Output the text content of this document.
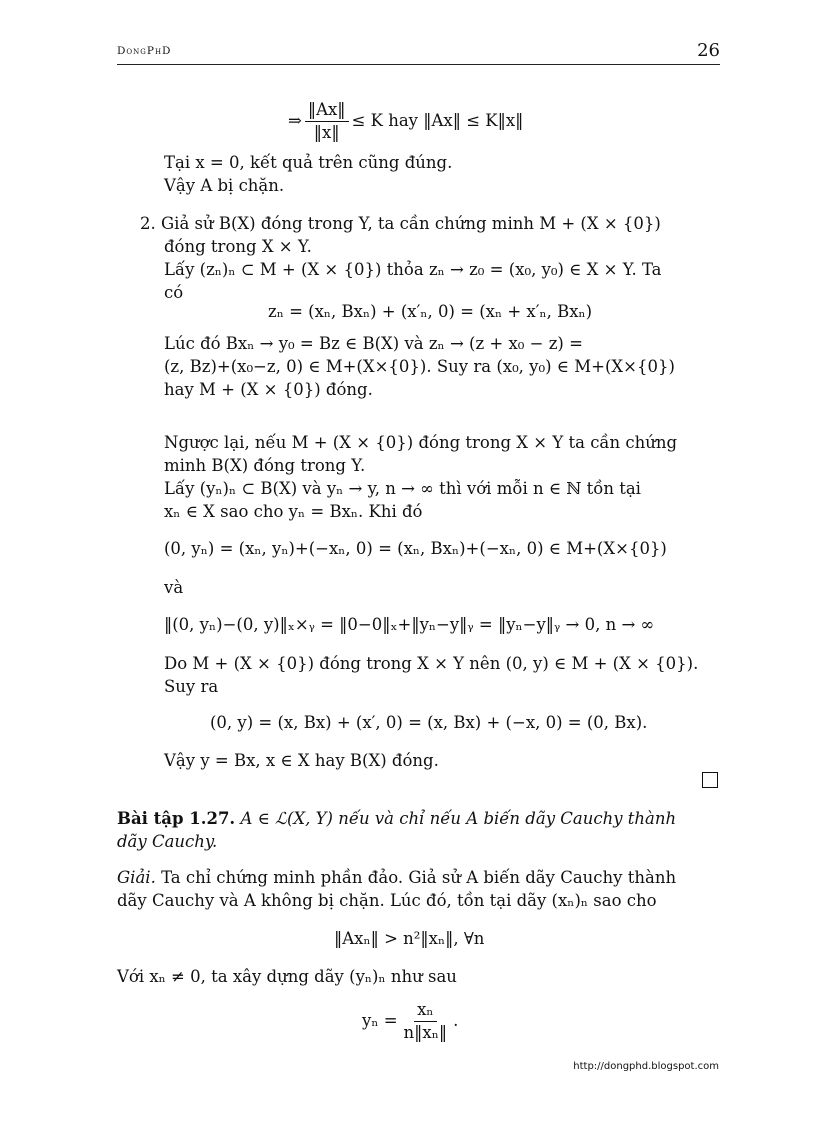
DongPhD	26
⇒ $\frac{‖Ax‖}{‖x‖} \le K$ hay ‖Ax‖ ≤ K‖x‖
Tại x = 0, kết quả trên cũng đúng.
Vậy A bị chặn.
2. Giả sử B(X) đóng trong Y, ta cần chứng minh M + (X × {0})
đóng trong X × Y.
Lấy (zₙ)ₙ ⊂ M + (X × {0}) thỏa zₙ → z₀ = (x₀, y₀) ∈ X × Y. Ta
có
zₙ = (xₙ, Bxₙ) + (x′ₙ, 0) = (xₙ + x′ₙ, Bxₙ)
Lúc đó Bxₙ → y₀ = Bz ∈ B(X) và zₙ → (z + x₀ − z) =
(z, Bz)+(x₀−z, 0) ∈ M+(X×{0}). Suy ra (x₀, y₀) ∈ M+(X×{0})
hay M + (X × {0}) đóng.
Ngược lại, nếu M + (X × {0}) đóng trong X × Y ta cần chứng
minh B(X) đóng trong Y.
Lấy (yₙ)ₙ ⊂ B(X) và yₙ → y, n → ∞ thì với mỗi n ∈ ℕ tồn tại
xₙ ∈ X sao cho yₙ = Bxₙ. Khi đó
(0, yₙ) = (xₙ, yₙ)+(−xₙ, 0) = (xₙ, Bxₙ)+(−xₙ, 0) ∈ M+(X×{0})
và
‖(0, yₙ)−(0, y)‖ₓ×ᵧ = ‖0−0‖ₓ+‖yₙ−y‖ᵧ = ‖yₙ−y‖ᵧ → 0, n → ∞
Do M + (X × {0}) đóng trong X × Y nên (0, y) ∈ M + (X × {0}).
Suy ra
(0, y) = (x, Bx) + (x′, 0) = (x, Bx) + (−x, 0) = (0, Bx).
Vậy y = Bx, x ∈ X hay B(X) đóng.
Bài tập 1.27. A ∈ ℒ(X, Y) nếu và chỉ nếu A biến dãy Cauchy thành
dãy Cauchy.
Giải. Ta chỉ chứng minh phần đảo. Giả sử A biến dãy Cauchy thành
dãy Cauchy và A không bị chặn. Lúc đó, tồn tại dãy (xₙ)ₙ sao cho
‖Axₙ‖ > n²‖xₙ‖, ∀n
Với xₙ ≠ 0, ta xây dựng dãy (yₙ)ₙ như sau
$y_n = \frac{\text{xₙ}}{\text{n‖xₙ‖}}$ .
http://dongphd.blogspot.com
